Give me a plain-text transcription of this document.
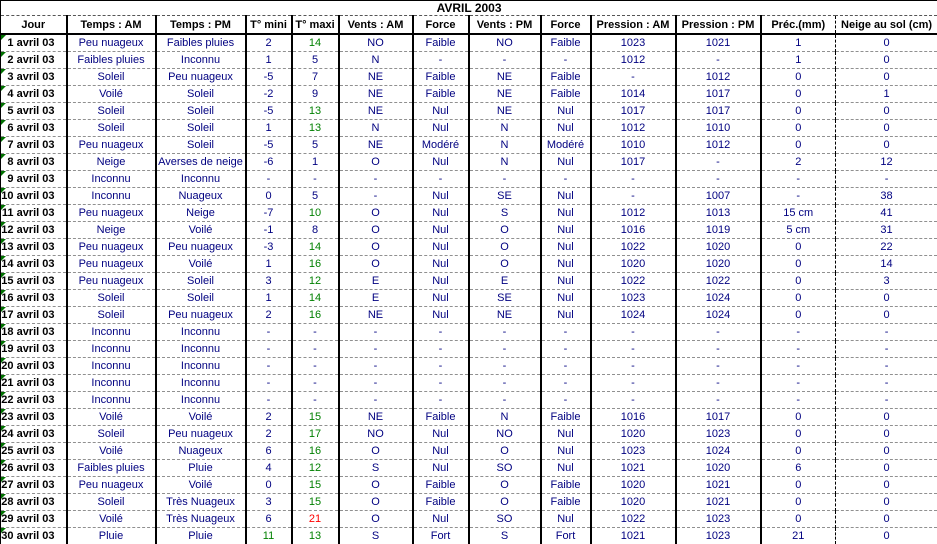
AVRIL 2003												
Jour	Temps : AM	Temps : PM	T° mini	T° maxi	Vents : AM	Force	Vents : PM	Force	Pression : AM	Pression : PM	Préc.(mm)	Neige au sol (cm)

1 avril 03	Peu nuageux	Faibles pluies	2	14	NO	Faible	NO	Faible	1023	1021	1	0

2 avril 03	Faibles pluies	Inconnu	1	5	N	-	-	-	1012	-	1	0

3 avril 03	Soleil	Peu nuageux	-5	7	NE	Faible	NE	Faible	-	1012	0	0

4 avril 03	Voilé	Soleil	-2	9	NE	Faible	NE	Faible	1014	1017	0	1

5 avril 03	Soleil	Soleil	-5	13	NE	Nul	NE	Nul	1017	1017	0	0

6 avril 03	Soleil	Soleil	1	13	N	Nul	N	Nul	1012	1010	0	0

7 avril 03	Peu nuageux	Soleil	-5	5	NE	Modéré	N	Modéré	1010	1012	0	0

8 avril 03	Neige	Averses de neige	-6	1	O	Nul	N	Nul	1017	-	2	12

9 avril 03	Inconnu	Inconnu	-	-	-	-	-	-	-	-	-	-

10 avril 03	Inconnu	Nuageux	0	5	-	Nul	SE	Nul	-	1007	-	38

11 avril 03	Peu nuageux	Neige	-7	10	O	Nul	S	Nul	1012	1013	15 cm	41

12 avril 03	Neige	Voilé	-1	8	O	Nul	O	Nul	1016	1019	5 cm	31

13 avril 03	Peu nuageux	Peu nuageux	-3	14	O	Nul	O	Nul	1022	1020	0	22

14 avril 03	Peu nuageux	Voilé	1	16	O	Nul	O	Nul	1020	1020	0	14

15 avril 03	Peu nuageux	Soleil	3	12	E	Nul	E	Nul	1022	1022	0	3

16 avril 03	Soleil	Soleil	1	14	E	Nul	SE	Nul	1023	1024	0	0

17 avril 03	Soleil	Peu nuageux	2	16	NE	Nul	NE	Nul	1024	1024	0	0

18 avril 03	Inconnu	Inconnu	-	-	-	-	-	-	-	-	-	-

19 avril 03	Inconnu	Inconnu	-	-	-	-	-	-	-	-	-	-

20 avril 03	Inconnu	Inconnu	-	-	-	-	-	-	-	-	-	-

21 avril 03	Inconnu	Inconnu	-	-	-	-	-	-	-	-	-	-

22 avril 03	Inconnu	Inconnu	-	-	-	-	-	-	-	-	-	-

23 avril 03	Voilé	Voilé	2	15	NE	Faible	N	Faible	1016	1017	0	0

24 avril 03	Soleil	Peu nuageux	2	17	NO	Nul	NO	Nul	1020	1023	0	0

25 avril 03	Voilé	Nuageux	6	16	O	Nul	O	Nul	1023	1024	0	0

26 avril 03	Faibles pluies	Pluie	4	12	S	Nul	SO	Nul	1021	1020	6	0

27 avril 03	Peu nuageux	Voilé	0	15	O	Faible	O	Faible	1020	1021	0	0

28 avril 03	Soleil	Très Nuageux	3	15	O	Faible	O	Faible	1020	1021	0	0

29 avril 03	Voilé	Très Nuageux	6	21	O	Nul	SO	Nul	1022	1023	0	0

30 avril 03	Pluie	Pluie	11	13	S	Fort	S	Fort	1021	1023	21	0
